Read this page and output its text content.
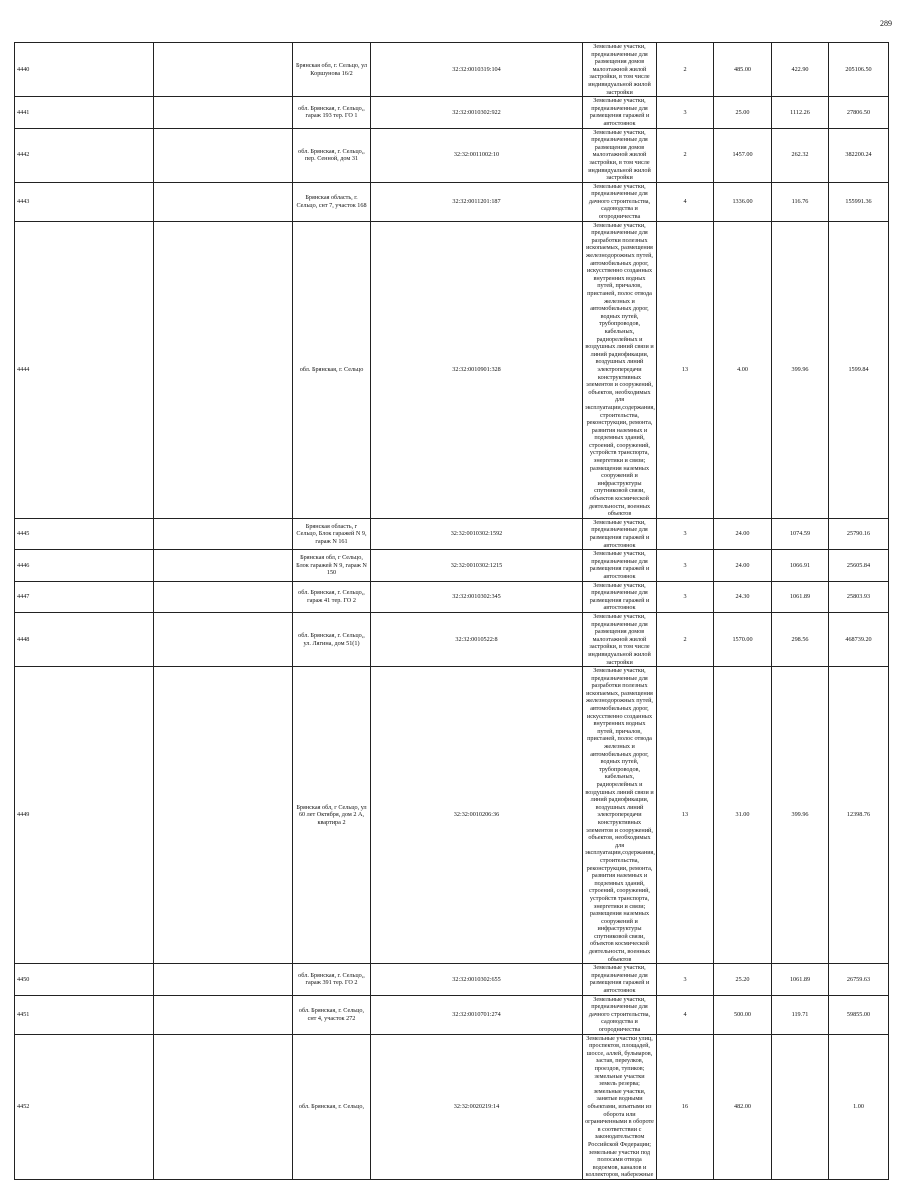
289
4440		Брянская обл, г. Сельцо, ул Коршунова 16/2	32:32:0010319:104	Земельные участки, предназначенные для размещения домов малоэтажной жилой застройки, в том числе индивидуальной жилой застройки	2	485.00	422.90	205106.50
4441		обл. Брянская, г. Сельцо,, гараж 193 тер. ГО 1	32:32:0010302:922	Земельные участки, предназначенные для размещения гаражей и автостоянок	3	25.00	1112.26	27806.50
4442		обл. Брянская, г. Сельцо,, пер. Сенной, дом 31	32:32:0011002:10	Земельные участки, предназначенные для размещения домов малоэтажной жилой застройки, в том числе индивидуальной жилой застройки	2	1457.00	262.32	382200.24
4443		Брянская область, г. Сельцо, снт 7, участок 168	32:32:0011201:187	Земельные участки, предназначенные для дачного строительства, садоводства и огородничества	4	1336.00	116.76	155991.36
4444		обл. Брянская, г. Сельцо	32:32:0010901:328	Земельные участки, предназначенные для разработки полезных ископаемых, размещения железнодорожных путей, автомобильных дорог, искусственно созданных внутренних водных путей, причалов, пристаней, полос отвода железных и автомобильных дорог, водных путей, трубопроводов, кабельных, радиорелейных и воздушных линий связи и линий радиофикации, воздушных линий электропередачи конструктивных элементов и сооружений, объектов, необходимых для эксплуатации,содержания, строительства, реконструкции, ремонта, развития наземных и подземных зданий, строений, сооружений, устройств транспорта, энергетики и связи; размещения наземных сооружений и инфраструктуры спутниковой связи, объектов космической деятельности, военных объектов	13	4.00	399.96	1599.84
4445		Брянская область, г Сельцо, Блок гаражей N 9, гараж N 161	32:32:0010302:1592	Земельные участки, предназначенные для размещения гаражей и автостоянок	3	24.00	1074.59	25790.16
4446		Брянская обл, г Сельцо, Блок гаражей N 9, гараж N 150	32:32:0010302:1215	Земельные участки, предназначенные для размещения гаражей и автостоянок	3	24.00	1066.91	25605.84
4447		обл. Брянская, г. Сельцо,, гараж 41 тер. ГО 2	32:32:0010302:345	Земельные участки, предназначенные для размещения гаражей и автостоянок	3	24.30	1061.89	25803.93
4448		обл. Брянская, г. Сельцо,, ул. Лягина, дом 51(1)	32:32:0010522:8	Земельные участки, предназначенные для размещения домов малоэтажной жилой застройки, в том числе индивидуальной жилой застройки	2	1570.00	298.56	468739.20
4449		Брянская обл, г Сельцо, ул 60 лет Октября, дом 2 А, квартира 2	32:32:0010206:36	Земельные участки, предназначенные для разработки полезных ископаемых, размещения железнодорожных путей, автомобильных дорог, искусственно созданных внутренних водных путей, причалов, пристаней, полос отвода железных и автомобильных дорог, водных путей, трубопроводов, кабельных, радиорелейных и воздушных линий связи и линий радиофикации, воздушных линий электропередачи конструктивных элементов и сооружений, объектов, необходимых для эксплуатации,содержания, строительства, реконструкции, ремонта, развития наземных и подземных зданий, строений, сооружений, устройств транспорта, энергетики и связи; размещения наземных сооружений и инфраструктуры спутниковой связи, объектов космической деятельности, военных объектов	13	31.00	399.96	12398.76
4450		обл. Брянская, г. Сельцо,, гараж 391 тер. ГО 2	32:32:0010302:655	Земельные участки, предназначенные для размещения гаражей и автостоянок	3	25.20	1061.89	26759.63
4451		обл. Брянская, г. Сельцо, снт 4, участок 272	32:32:0010701:274	Земельные участки, предназначенные для дачного строительства, садоводства и огородничества	4	500.00	119.71	59855.00
4452		обл. Брянская, г. Сельцо,	32:32:0020219:14	Земельные участки улиц, проспектов, площадей, шоссе, аллей, бульваров, застав, переулков, проездов, тупиков; земельные участки земель резерва; земельные участки, занятые водными объектами, изъятыми из оборота или ограниченными в обороте в соответствии с законодательством Российской Федерации; земельные участки под полосами отвода водоемов, каналов и коллекторов, набережные	16	482.00		1.00
